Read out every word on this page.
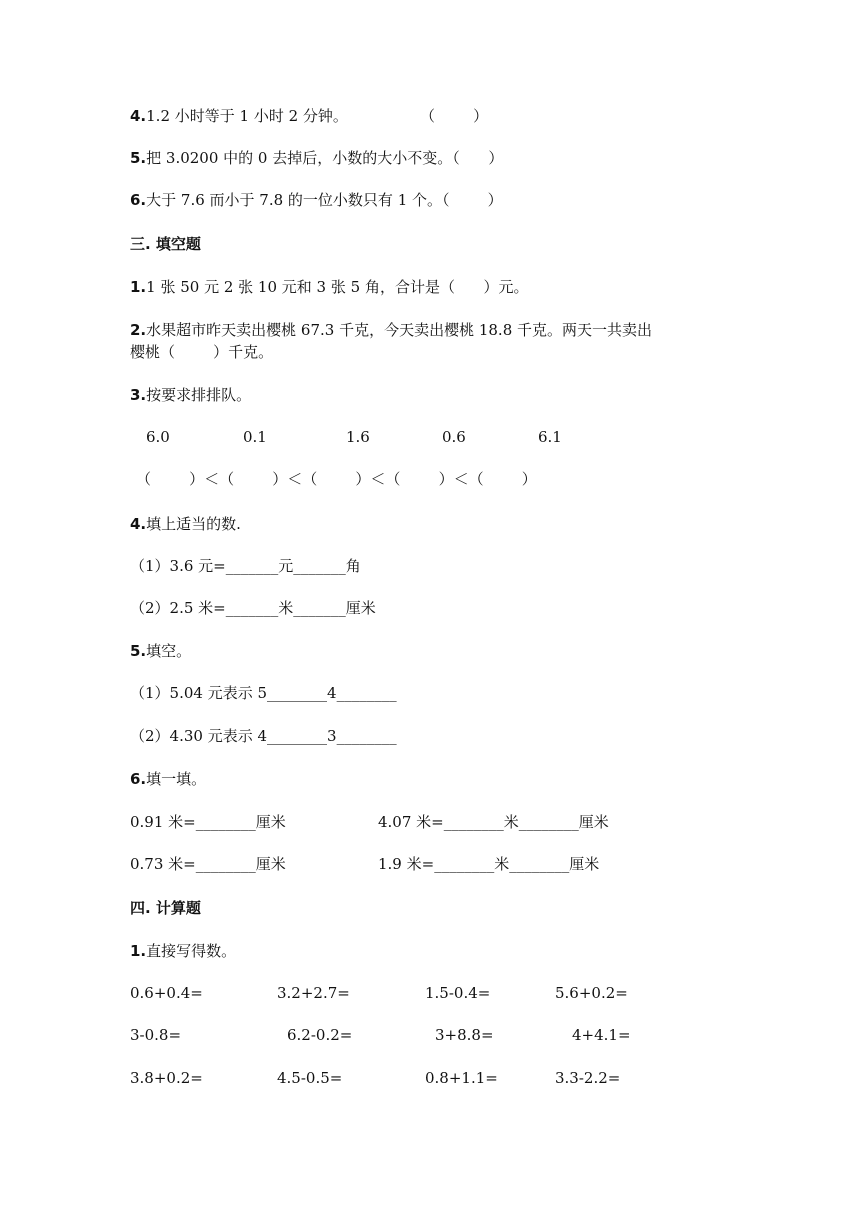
4.1.2 小时等于 1 小时 2 分钟。	（        ）
5.把 3.0200 中的 0 去掉后，小数的大小不变。（      ）
6.大于 7.6 而小于 7.8 的一位小数只有 1 个。（        ）
三. 填空题
1.1 张 50 元 2 张 10 元和 3 张 5 角，合计是（      ）元。
2.水果超市昨天卖出樱桃 67.3 千克，今天卖出樱桃 18.8 千克。两天一共卖出
樱桃（        ）千克。
3.按要求排排队。
6.0	0.1	1.6	0.6	6.1
（        ）＜（        ）＜（        ）＜（        ）＜（        ）
4.填上适当的数.
（1）3.6 元=_______元_______角
（2）2.5 米=_______米_______厘米
5.填空。
（1）5.04 元表示 5________4________
（2）4.30 元表示 4________3________
6.填一填。
0.91 米=________厘米	4.07 米=________米________厘米
0.73 米=________厘米	1.9 米=________米________厘米
四. 计算题
1.直接写得数。
0.6+0.4=	3.2+2.7=	1.5-0.4=	5.6+0.2=
3-0.8=	6.2-0.2=	3+8.8=	4+4.1=
3.8+0.2=	4.5-0.5=	0.8+1.1=	3.3-2.2=
